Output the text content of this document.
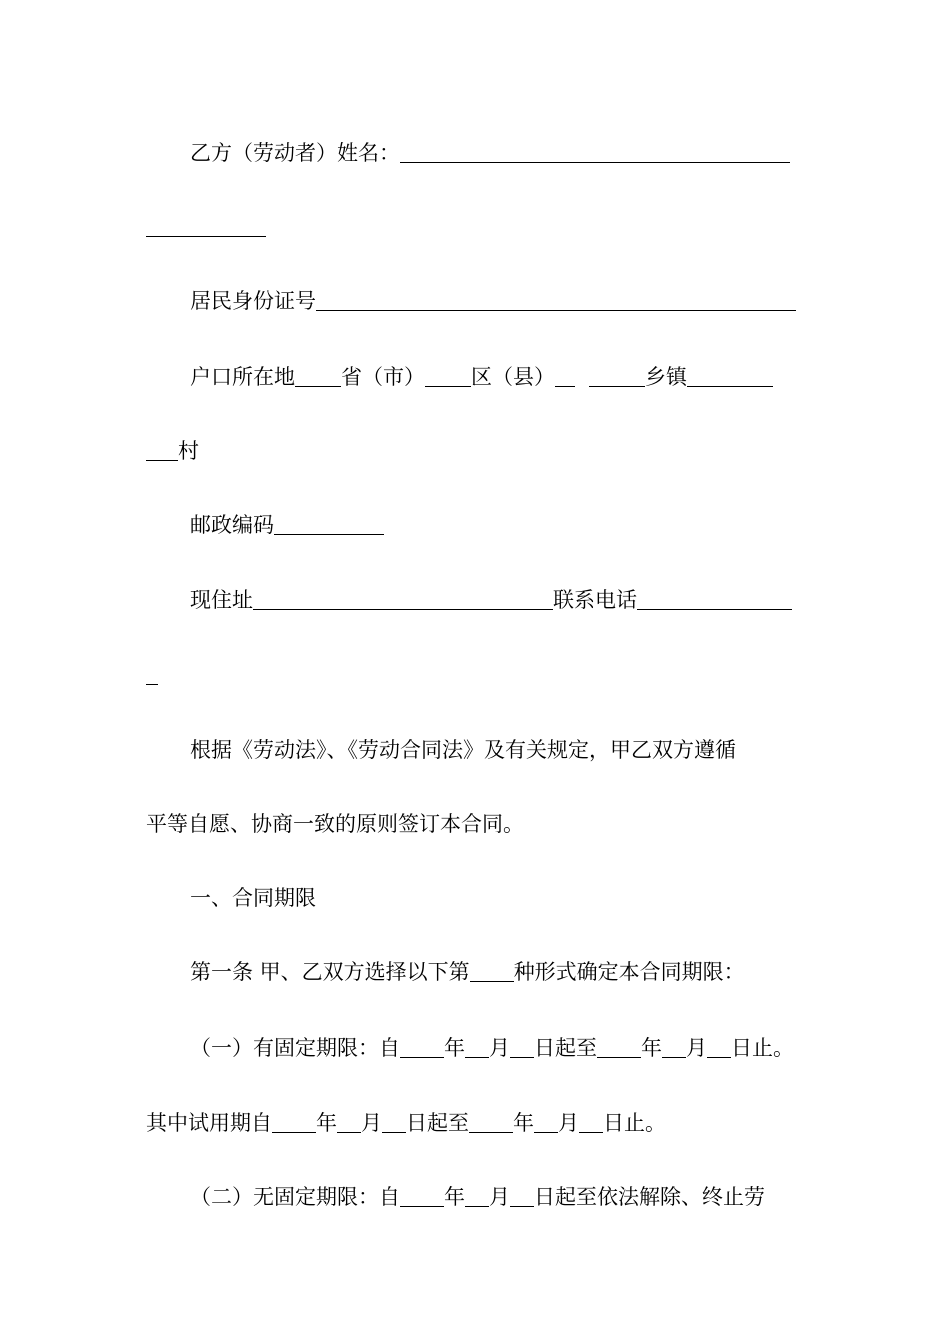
乙方（劳动者）姓名：
居民身份证号
户口所在地 省（市） 区（县）	乡镇
村
邮政编码
现住址	联系电话
根据《劳动法》、《劳动合同法》及有关规定，甲乙双方遵循
平等自愿、协商一致的原则签订本合同。
一、合同期限
第一条 甲、乙双方选择以下第 种形式确定本合同期限：
（一）有固定期限：自 年 月 日起至 年 月 日止。
其中试用期自 年 月 日起至 年 月 日止。
（二）无固定期限：自 年 月 日起至依法解除、终止劳
